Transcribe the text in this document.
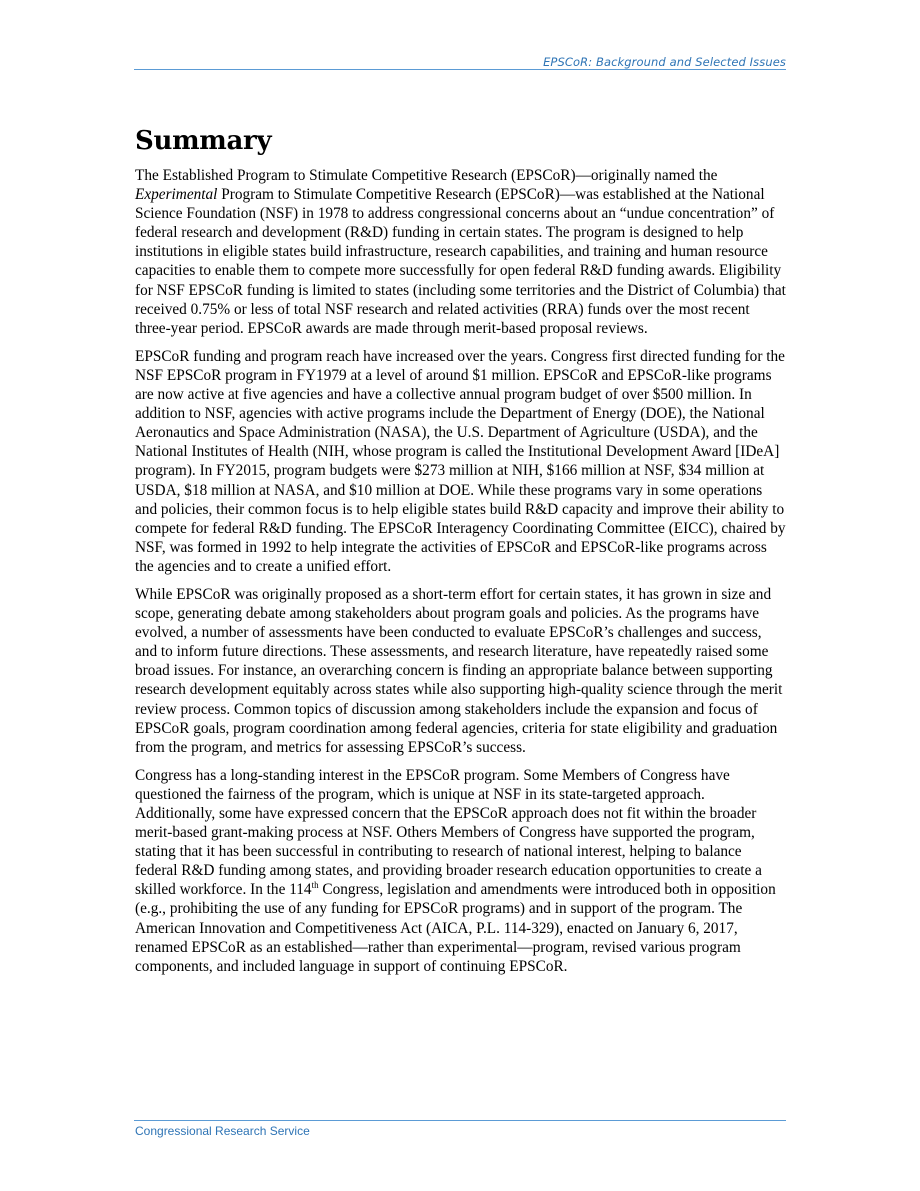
EPSCoR: Background and Selected Issues
Summary

The Established Program to Stimulate Competitive Research (EPSCoR)—originally named the Experimental Program to Stimulate Competitive Research (EPSCoR)—was established at the National Science Foundation (NSF) in 1978 to address congressional concerns about an “undue concentration” of federal research and development (R&D) funding in certain states. The program is designed to help institutions in eligible states build infrastructure, research capabilities, and training and human resource capacities to enable them to compete more successfully for open federal R&D funding awards. Eligibility for NSF EPSCoR funding is limited to states (including some territories and the District of Columbia) that received 0.75% or less of total NSF research and related activities (RRA) funds over the most recent three-year period. EPSCoR awards are made through merit-based proposal reviews.

EPSCoR funding and program reach have increased over the years. Congress first directed funding for the NSF EPSCoR program in FY1979 at a level of around $1 million. EPSCoR and EPSCoR-like programs are now active at five agencies and have a collective annual program budget of over $500 million. In addition to NSF, agencies with active programs include the Department of Energy (DOE), the National Aeronautics and Space Administration (NASA), the U.S. Department of Agriculture (USDA), and the National Institutes of Health (NIH, whose program is called the Institutional Development Award [IDeA] program). In FY2015, program budgets were $273 million at NIH, $166 million at NSF, $34 million at USDA, $18 million at NASA, and $10 million at DOE. While these programs vary in some operations and policies, their common focus is to help eligible states build R&D capacity and improve their ability to compete for federal R&D funding. The EPSCoR Interagency Coordinating Committee (EICC), chaired by NSF, was formed in 1992 to help integrate the activities of EPSCoR and EPSCoR-like programs across the agencies and to create a unified effort.

While EPSCoR was originally proposed as a short-term effort for certain states, it has grown in size and scope, generating debate among stakeholders about program goals and policies. As the programs have evolved, a number of assessments have been conducted to evaluate EPSCoR’s challenges and success, and to inform future directions. These assessments, and research literature, have repeatedly raised some broad issues. For instance, an overarching concern is finding an appropriate balance between supporting research development equitably across states while also supporting high-quality science through the merit review process. Common topics of discussion among stakeholders include the expansion and focus of EPSCoR goals, program coordination among federal agencies, criteria for state eligibility and graduation from the program, and metrics for assessing EPSCoR’s success.

Congress has a long-standing interest in the EPSCoR program. Some Members of Congress have questioned the fairness of the program, which is unique at NSF in its state-targeted approach. Additionally, some have expressed concern that the EPSCoR approach does not fit within the broader merit-based grant-making process at NSF. Others Members of Congress have supported the program, stating that it has been successful in contributing to research of national interest, helping to balance federal R&D funding among states, and providing broader research education opportunities to create a skilled workforce. In the 114th Congress, legislation and amendments were introduced both in opposition (e.g., prohibiting the use of any funding for EPSCoR programs) and in support of the program. The American Innovation and Competitiveness Act (AICA, P.L. 114-329), enacted on January 6, 2017, renamed EPSCoR as an established—rather than experimental—program, revised various program components, and included language in support of continuing EPSCoR.

Congressional Research Service
